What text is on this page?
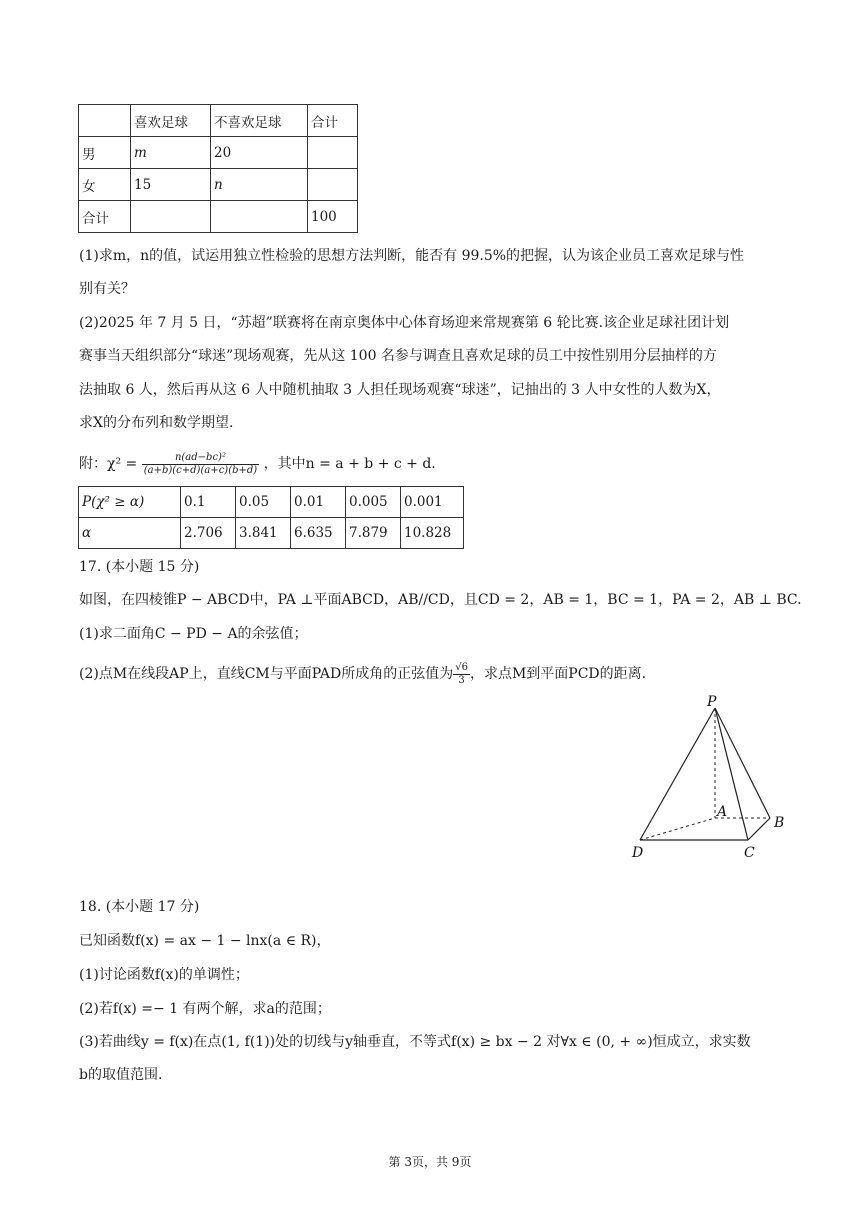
	喜欢足球	不喜欢足球	合计
男	m	20	
女	15	n	
合计			100
(1)求m，n的值，试运用独立性检验的思想方法判断，能否有 99.5%的把握，认为该企业员工喜欢足球与性
别有关？
(2)2025 年 7 月 5 日，“苏超”联赛将在南京奥体中心体育场迎来常规赛第 6 轮比赛.该企业足球社团计划
赛事当天组织部分“球迷”现场观赛，先从这 100 名参与调查且喜欢足球的员工中按性别用分层抽样的方
法抽取 6 人，然后再从这 6 人中随机抽取 3 人担任现场观赛“球迷”，记抽出的 3 人中女性的人数为X，
求X的分布列和数学期望.
附：$\chi^2 = \frac{\text{n(ad−bc)²}}{(a+b)(c+d)(a+c)(b+d)}$ ，其中n = a + b + c + d.
P(χ² ≥ α)	0.1	0.05	0.01	0.005	0.001
α	2.706	3.841	6.635	7.879	10.828
17. (本小题 15 分)
如图，在四棱锥P − ABCD中，PA ⊥平面ABCD，AB//CD，且CD = 2，AB = 1，BC = 1，PA = 2，AB ⊥ BC.
(1)求二面角C − PD − A的余弦值；
(2)点M在线段AP上，直线CM与平面PAD所成角的正弦值为 $\frac{√6}{3}$ ，求点M到平面PCD的距离.
P
A
B
C
D
18. (本小题 17 分)
已知函数f(x) = ax − 1 − lnx(a ∈ R)，
(1)讨论函数f(x)的单调性；
(2)若f(x) =− 1 有两个解，求a的范围；
(3)若曲线y = f(x)在点(1, f(1))处的切线与y轴垂直，不等式f(x) ≥ bx − 2 对∀x ∈ (0, + ∞)恒成立，求实数
b的取值范围.
第 3页，共 9页
